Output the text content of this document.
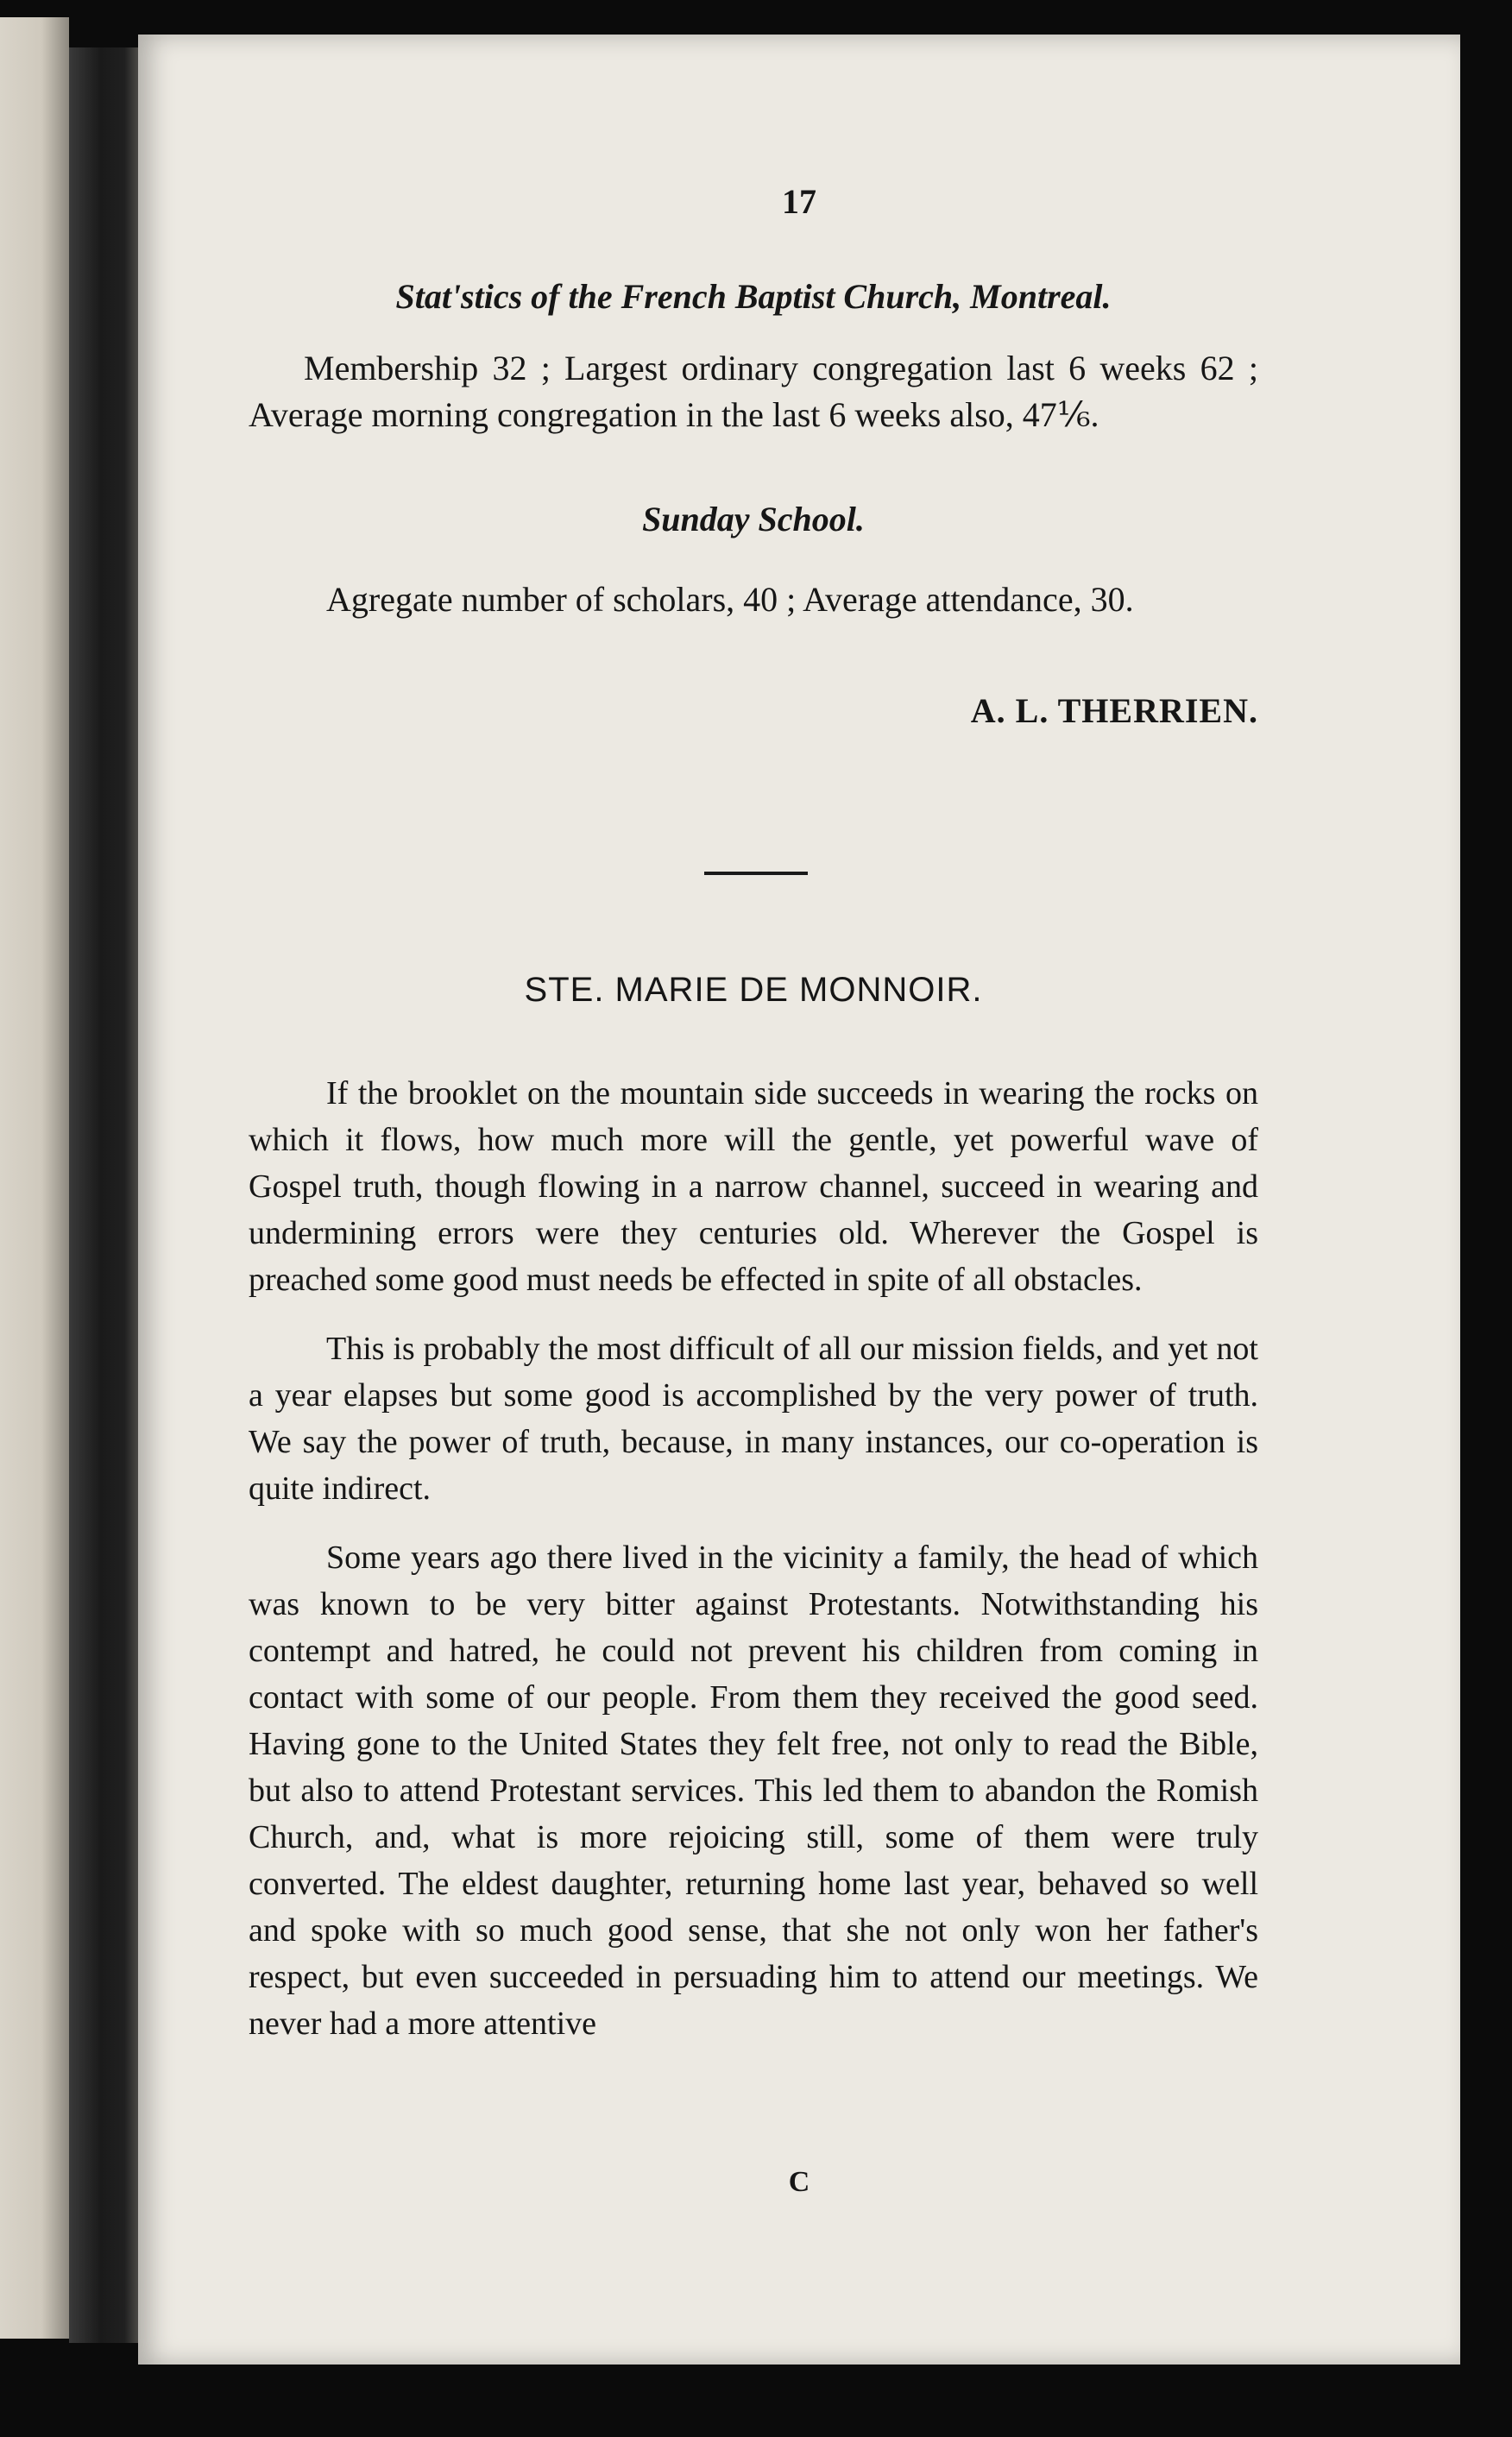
17
Stat'stics of the French Baptist Church, Montreal.
Membership 32 ; Largest ordinary congregation last 6 weeks 62 ; Average morning congregation in the last 6 weeks also, 47⅙.
Sunday School.
Agregate number of scholars, 40 ; Average attendance, 30.
A. L. THERRIEN.
STE. MARIE DE MONNOIR.

If the brooklet on the mountain side succeeds in wearing the rocks on which it flows, how much more will the gentle, yet powerful wave of Gospel truth, though flowing in a narrow channel, succeed in wearing and undermining errors were they centuries old. Wherever the Gospel is preached some good must needs be effected in spite of all obstacles.

This is probably the most difficult of all our mission fields, and yet not a year elapses but some good is accomplished by the very power of truth. We say the power of truth, because, in many instances, our co-operation is quite indirect.

Some years ago there lived in the vicinity a family, the head of which was known to be very bitter against Protestants. Notwithstanding his contempt and hatred, he could not prevent his children from coming in contact with some of our people. From them they received the good seed. Having gone to the United States they felt free, not only to read the Bible, but also to attend Protestant services. This led them to abandon the Romish Church, and, what is more rejoicing still, some of them were truly converted. The eldest daughter, returning home last year, behaved so well and spoke with so much good sense, that she not only won her father's respect, but even succeeded in persuading him to attend our meetings. We never had a more attentive

C
